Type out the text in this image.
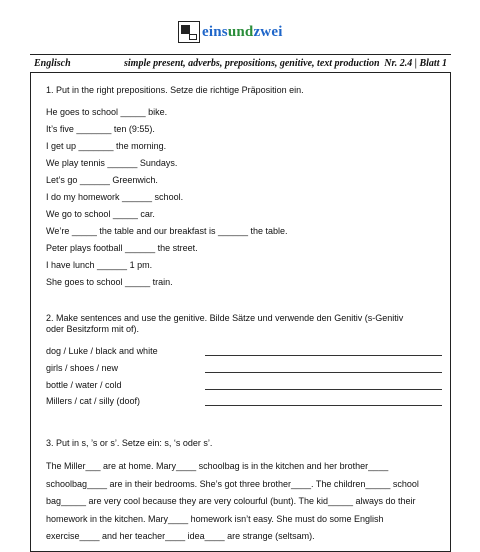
einsundzwei
Englisch	simple present, adverbs, prepositions, genitive, text production Nr. 2.4 | Blatt 1
1. Put in the right prepositions. Setze die richtige Präposition ein.
He goes to school _____ bike.
It’s five _______ ten (9:55).
I get up _______ the morning.
We play tennis ______ Sundays.
Let’s go ______ Greenwich.
I do my homework ______ school.
We go to school _____ car.
We’re _____ the table and our breakfast is ______ the table.
Peter plays football ______ the street.
I have lunch ______ 1 pm.
She goes to school _____ train.
2. Make sentences and use the genitive. Bilde Sätze und verwende den Genitiv (s-Genitiv
oder Besitzform mit of).
dog / Luke / black and white
girls / shoes / new
bottle / water / cold
Millers / cat / silly (doof)
3. Put in s, ’s or s’. Setze ein: s, ‘s oder s’.
The Miller___ are at home. Mary____ schoolbag is in the kitchen and her brother____ schoolbag____ are in their bedrooms. She’s got three brother____. The children_____ school bag_____ are very cool because they are very colourful (bunt). The kid_____ always do their homework in the kitchen. Mary____ homework isn’t easy. She must do some English exercise____ and her teacher____ idea____ are strange (seltsam).
